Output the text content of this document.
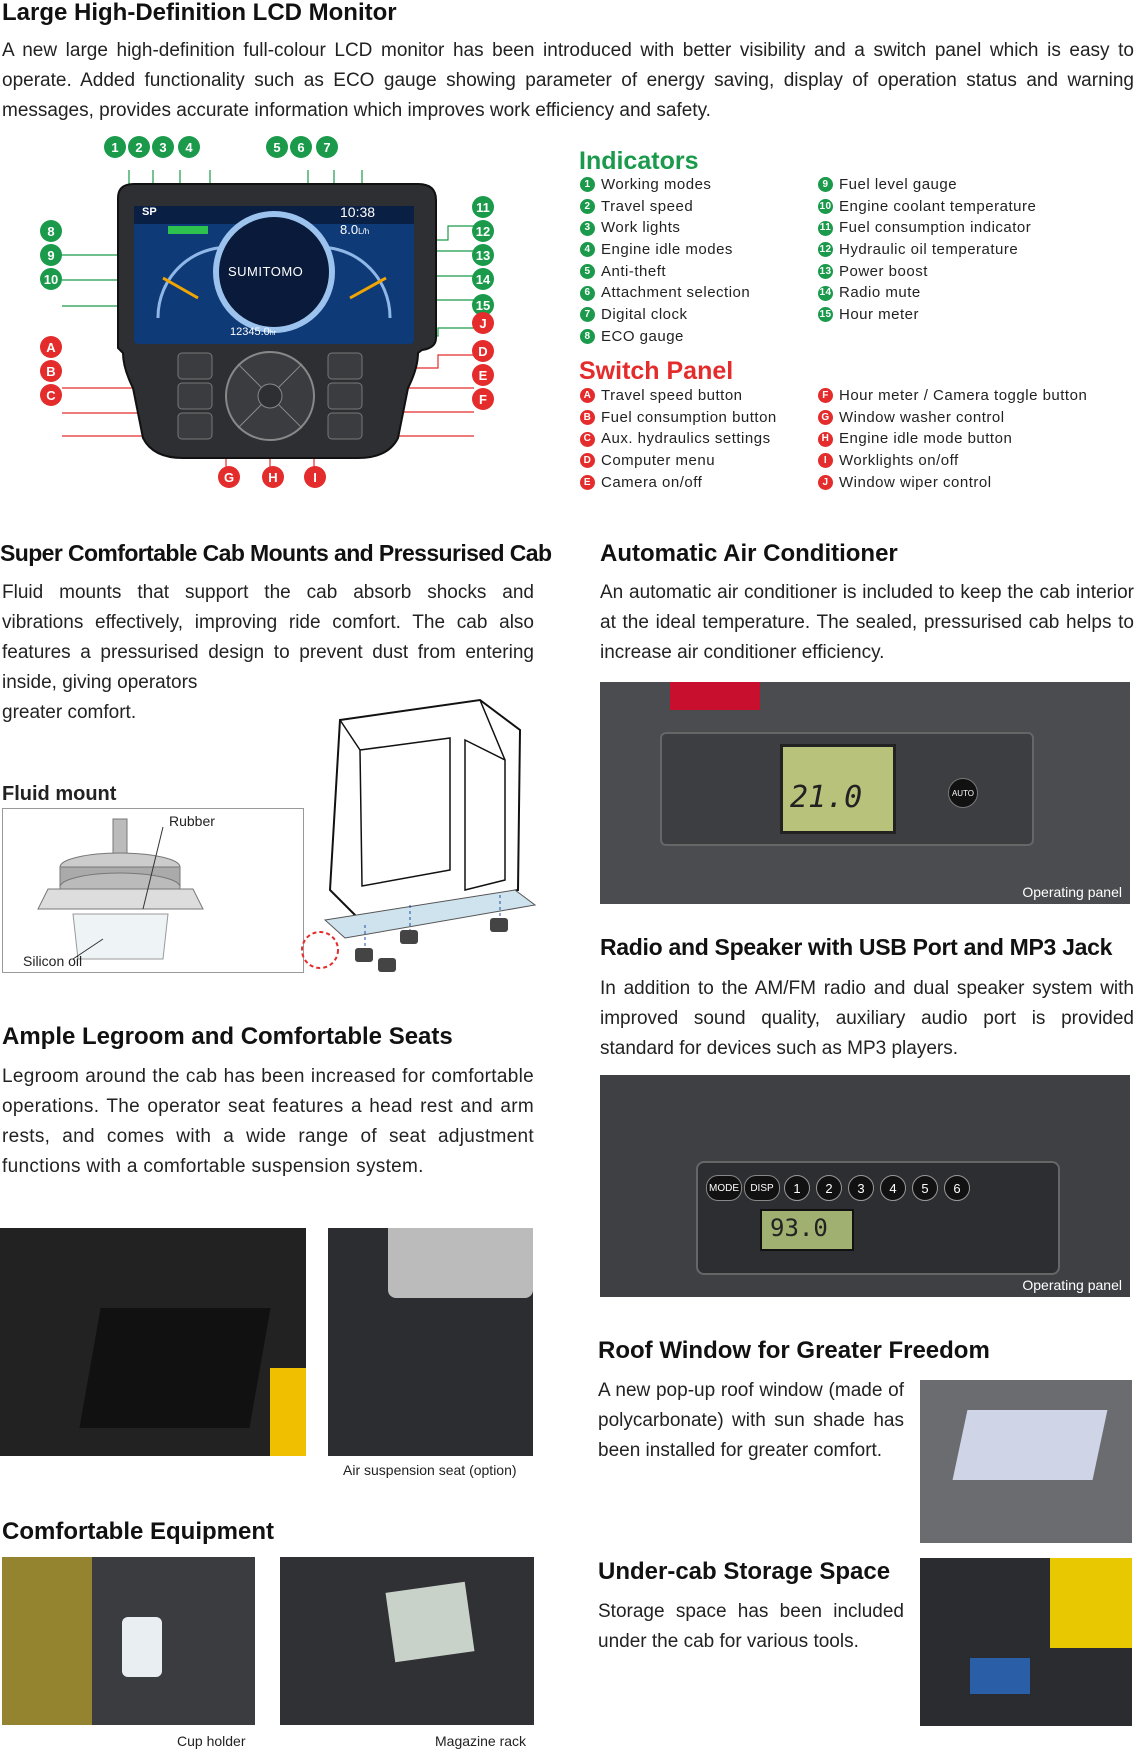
Large High-Definition LCD Monitor

A new large high-definition full-colour LCD monitor has been introduced with better visibility and a switch panel which is easy to operate. Added functionality such as ECO gauge showing parameter of energy saving, display of operation status and warning messages, provides accurate information which improves work efficiency and safety.

SP	10:38
8.0L/h
SUMITOMO
12345.0hr
1	2	3	4	5	6	7
8
9
10
11
12
13
14
15
A
B
C
J
D
E
F
G	H	I
Indicators
1 Working modes
2 Travel speed
3 Work lights
4 Engine idle modes
5 Anti-theft
6 Attachment selection
7 Digital clock
8 ECO gauge
9 Fuel level gauge
10 Engine coolant temperature
11 Fuel consumption indicator
12 Hydraulic oil temperature
13 Power boost
14 Radio mute
15 Hour meter
Switch Panel
A Travel speed button
B Fuel consumption button
C Aux. hydraulics settings
D Computer menu
E Camera on/off
F Hour meter / Camera toggle button
G Window washer control
H Engine idle mode button
I Worklights on/off
J Window wiper control
Super Comfortable Cab Mounts and Pressurised Cab

Fluid mounts that support the cab absorb shocks and vibrations effectively, improving ride comfort. The cab also features a pressurised design to prevent dust from entering inside, giving operators

greater comfort.

Fluid mount
Rubber
Silicon oil
Automatic Air Conditioner

An automatic air conditioner is included to keep the cab interior at the ideal temperature. The sealed, pressurised cab helps to increase air conditioner efficiency.

21.0	AUTO
Operating panel
Radio and Speaker with USB Port and MP3 Jack

In addition to the AM/FM radio and dual speaker system with improved sound quality, auxiliary audio port is provided standard for devices such as MP3 players.

MODE	DISP	1	2	3	4	5	6
93.0
Operating panel
Ample Legroom and Comfortable Seats

Legroom around the cab has been increased for comfortable operations. The operator seat features a head rest and arm rests, and comes with a wide range of seat adjustment functions with a comfortable suspension system.

Air suspension seat (option)
Roof Window for Greater Freedom

A new pop-up roof window (made of polycarbonate) with sun shade has been installed for greater comfort.

Comfortable Equipment
Cup holder	Magazine rack
Under-cab Storage Space

Storage space has been included under the cab for various tools.
